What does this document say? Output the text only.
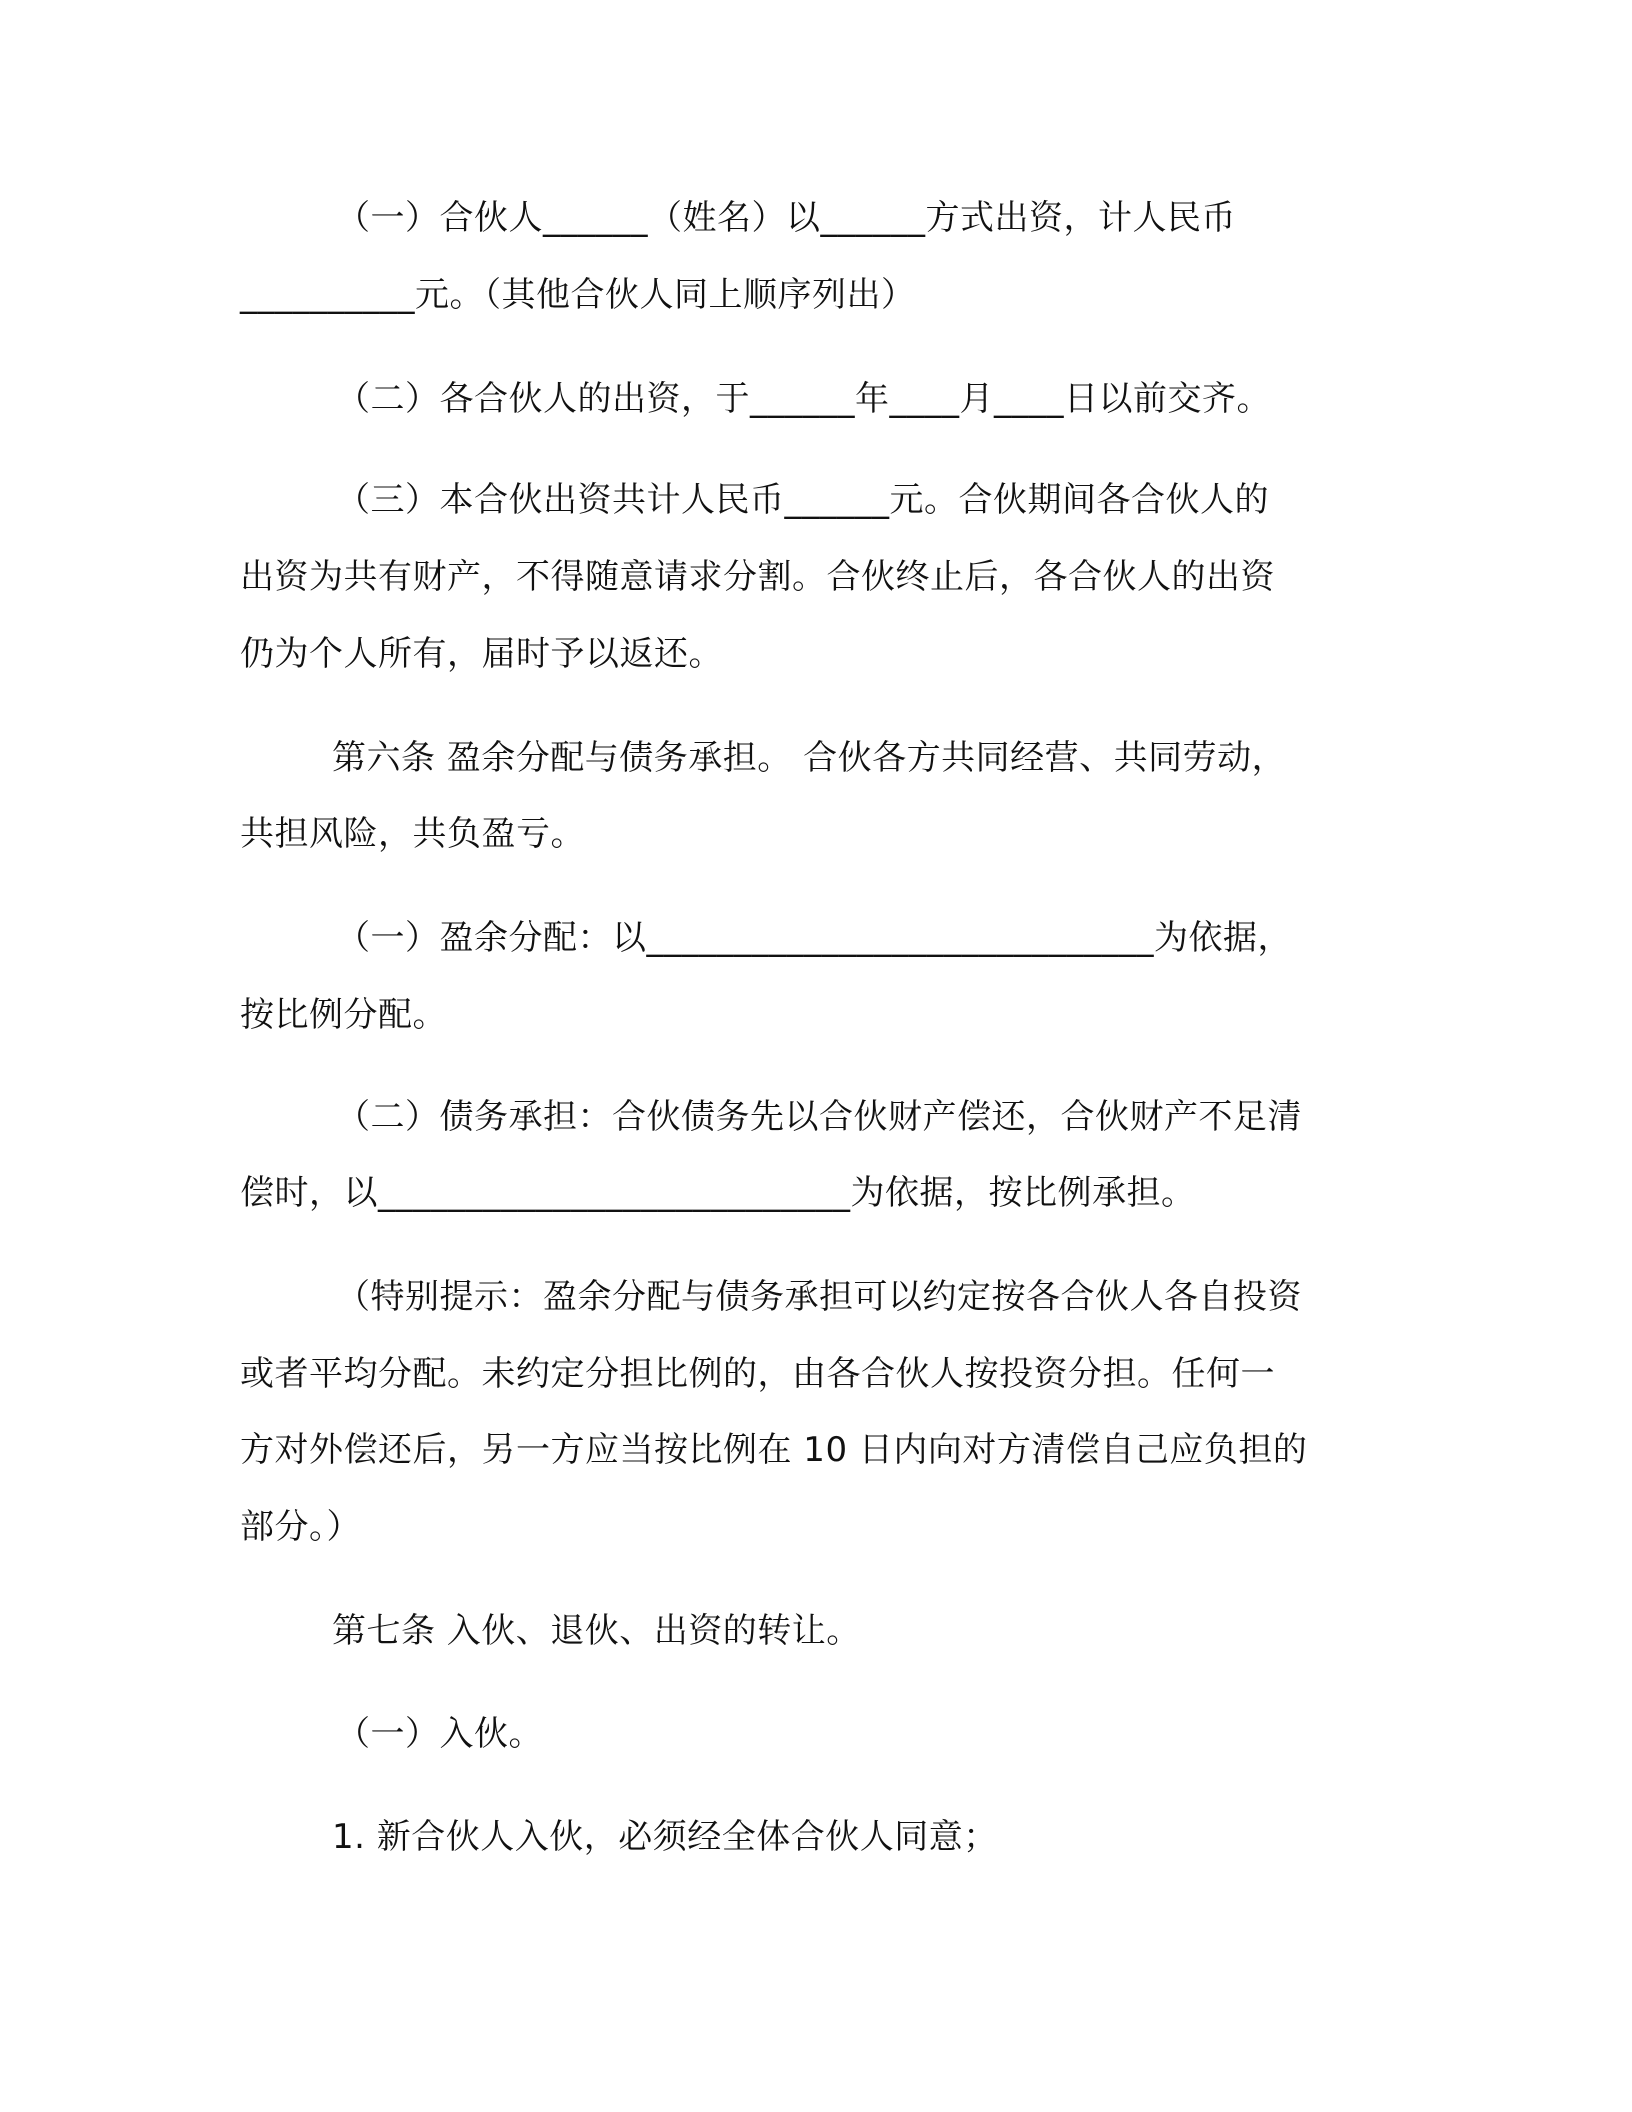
（一）合伙人______（姓名）以______方式出资，计人民币

__________元。（其他合伙人同上顺序列出）

（二）各合伙人的出资，于______年____月____日以前交齐。

（三）本合伙出资共计人民币______元。合伙期间各合伙人的

出资为共有财产，不得随意请求分割。合伙终止后，各合伙人的出资

仍为个人所有，届时予以返还。

第六条 盈余分配与债务承担。 合伙各方共同经营、共同劳动，

共担风险，共负盈亏。

（一）盈余分配：以_____________________________为依据，

按比例分配。

（二）债务承担：合伙债务先以合伙财产偿还，合伙财产不足清

偿时，以___________________________为依据，按比例承担。

（特别提示：盈余分配与债务承担可以约定按各合伙人各自投资

或者平均分配。未约定分担比例的，由各合伙人按投资分担。任何一

方对外偿还后，另一方应当按比例在 10 日内向对方清偿自己应负担的

部分。）

第七条 入伙、退伙、出资的转让。

（一）入伙。

1. 新合伙人入伙，必须经全体合伙人同意；
